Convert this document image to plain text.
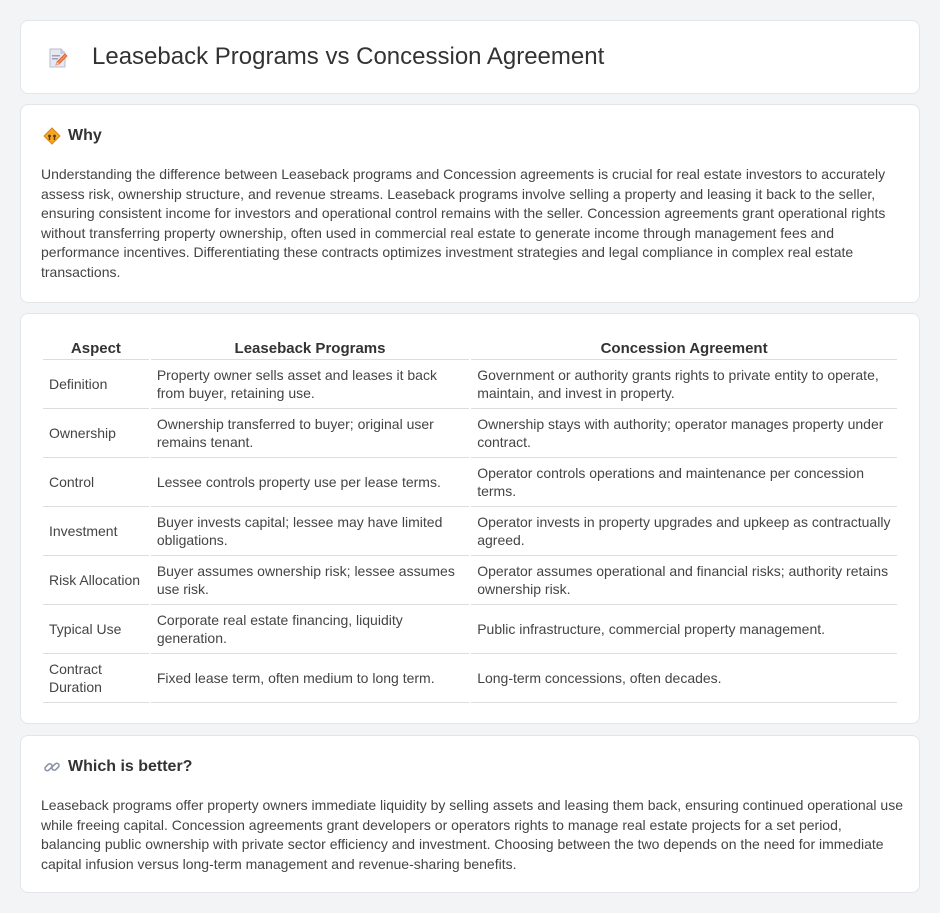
Leaseback Programs vs Concession Agreement
Why

Understanding the difference between Leaseback programs and Concession agreements is crucial for real estate investors to accurately assess risk, ownership structure, and revenue streams. Leaseback programs involve selling a property and leasing it back to the seller, ensuring consistent income for investors and operational control remains with the seller. Concession agreements grant operational rights without transferring property ownership, often used in commercial real estate to generate income through management fees and performance incentives. Differentiating these contracts optimizes investment strategies and legal compliance in complex real estate transactions.

Aspect	Leaseback Programs	Concession Agreement
Definition	Property owner sells asset and leases it back from buyer, retaining use.	Government or authority grants rights to private entity to operate, maintain, and invest in property.
Ownership	Ownership transferred to buyer; original user remains tenant.	Ownership stays with authority; operator manages property under contract.
Control	Lessee controls property use per lease terms.	Operator controls operations and maintenance per concession terms.
Investment	Buyer invests capital; lessee may have limited obligations.	Operator invests in property upgrades and upkeep as contractually agreed.
Risk Allocation	Buyer assumes ownership risk; lessee assumes use risk.	Operator assumes operational and financial risks; authority retains ownership risk.
Typical Use	Corporate real estate financing, liquidity generation.	Public infrastructure, commercial property management.
Contract Duration	Fixed lease term, often medium to long term.	Long-term concessions, often decades.
Which is better?

Leaseback programs offer property owners immediate liquidity by selling assets and leasing them back, ensuring continued operational use while freeing capital. Concession agreements grant developers or operators rights to manage real estate projects for a set period, balancing public ownership with private sector efficiency and investment. Choosing between the two depends on the need for immediate capital infusion versus long-term management and revenue-sharing benefits.
